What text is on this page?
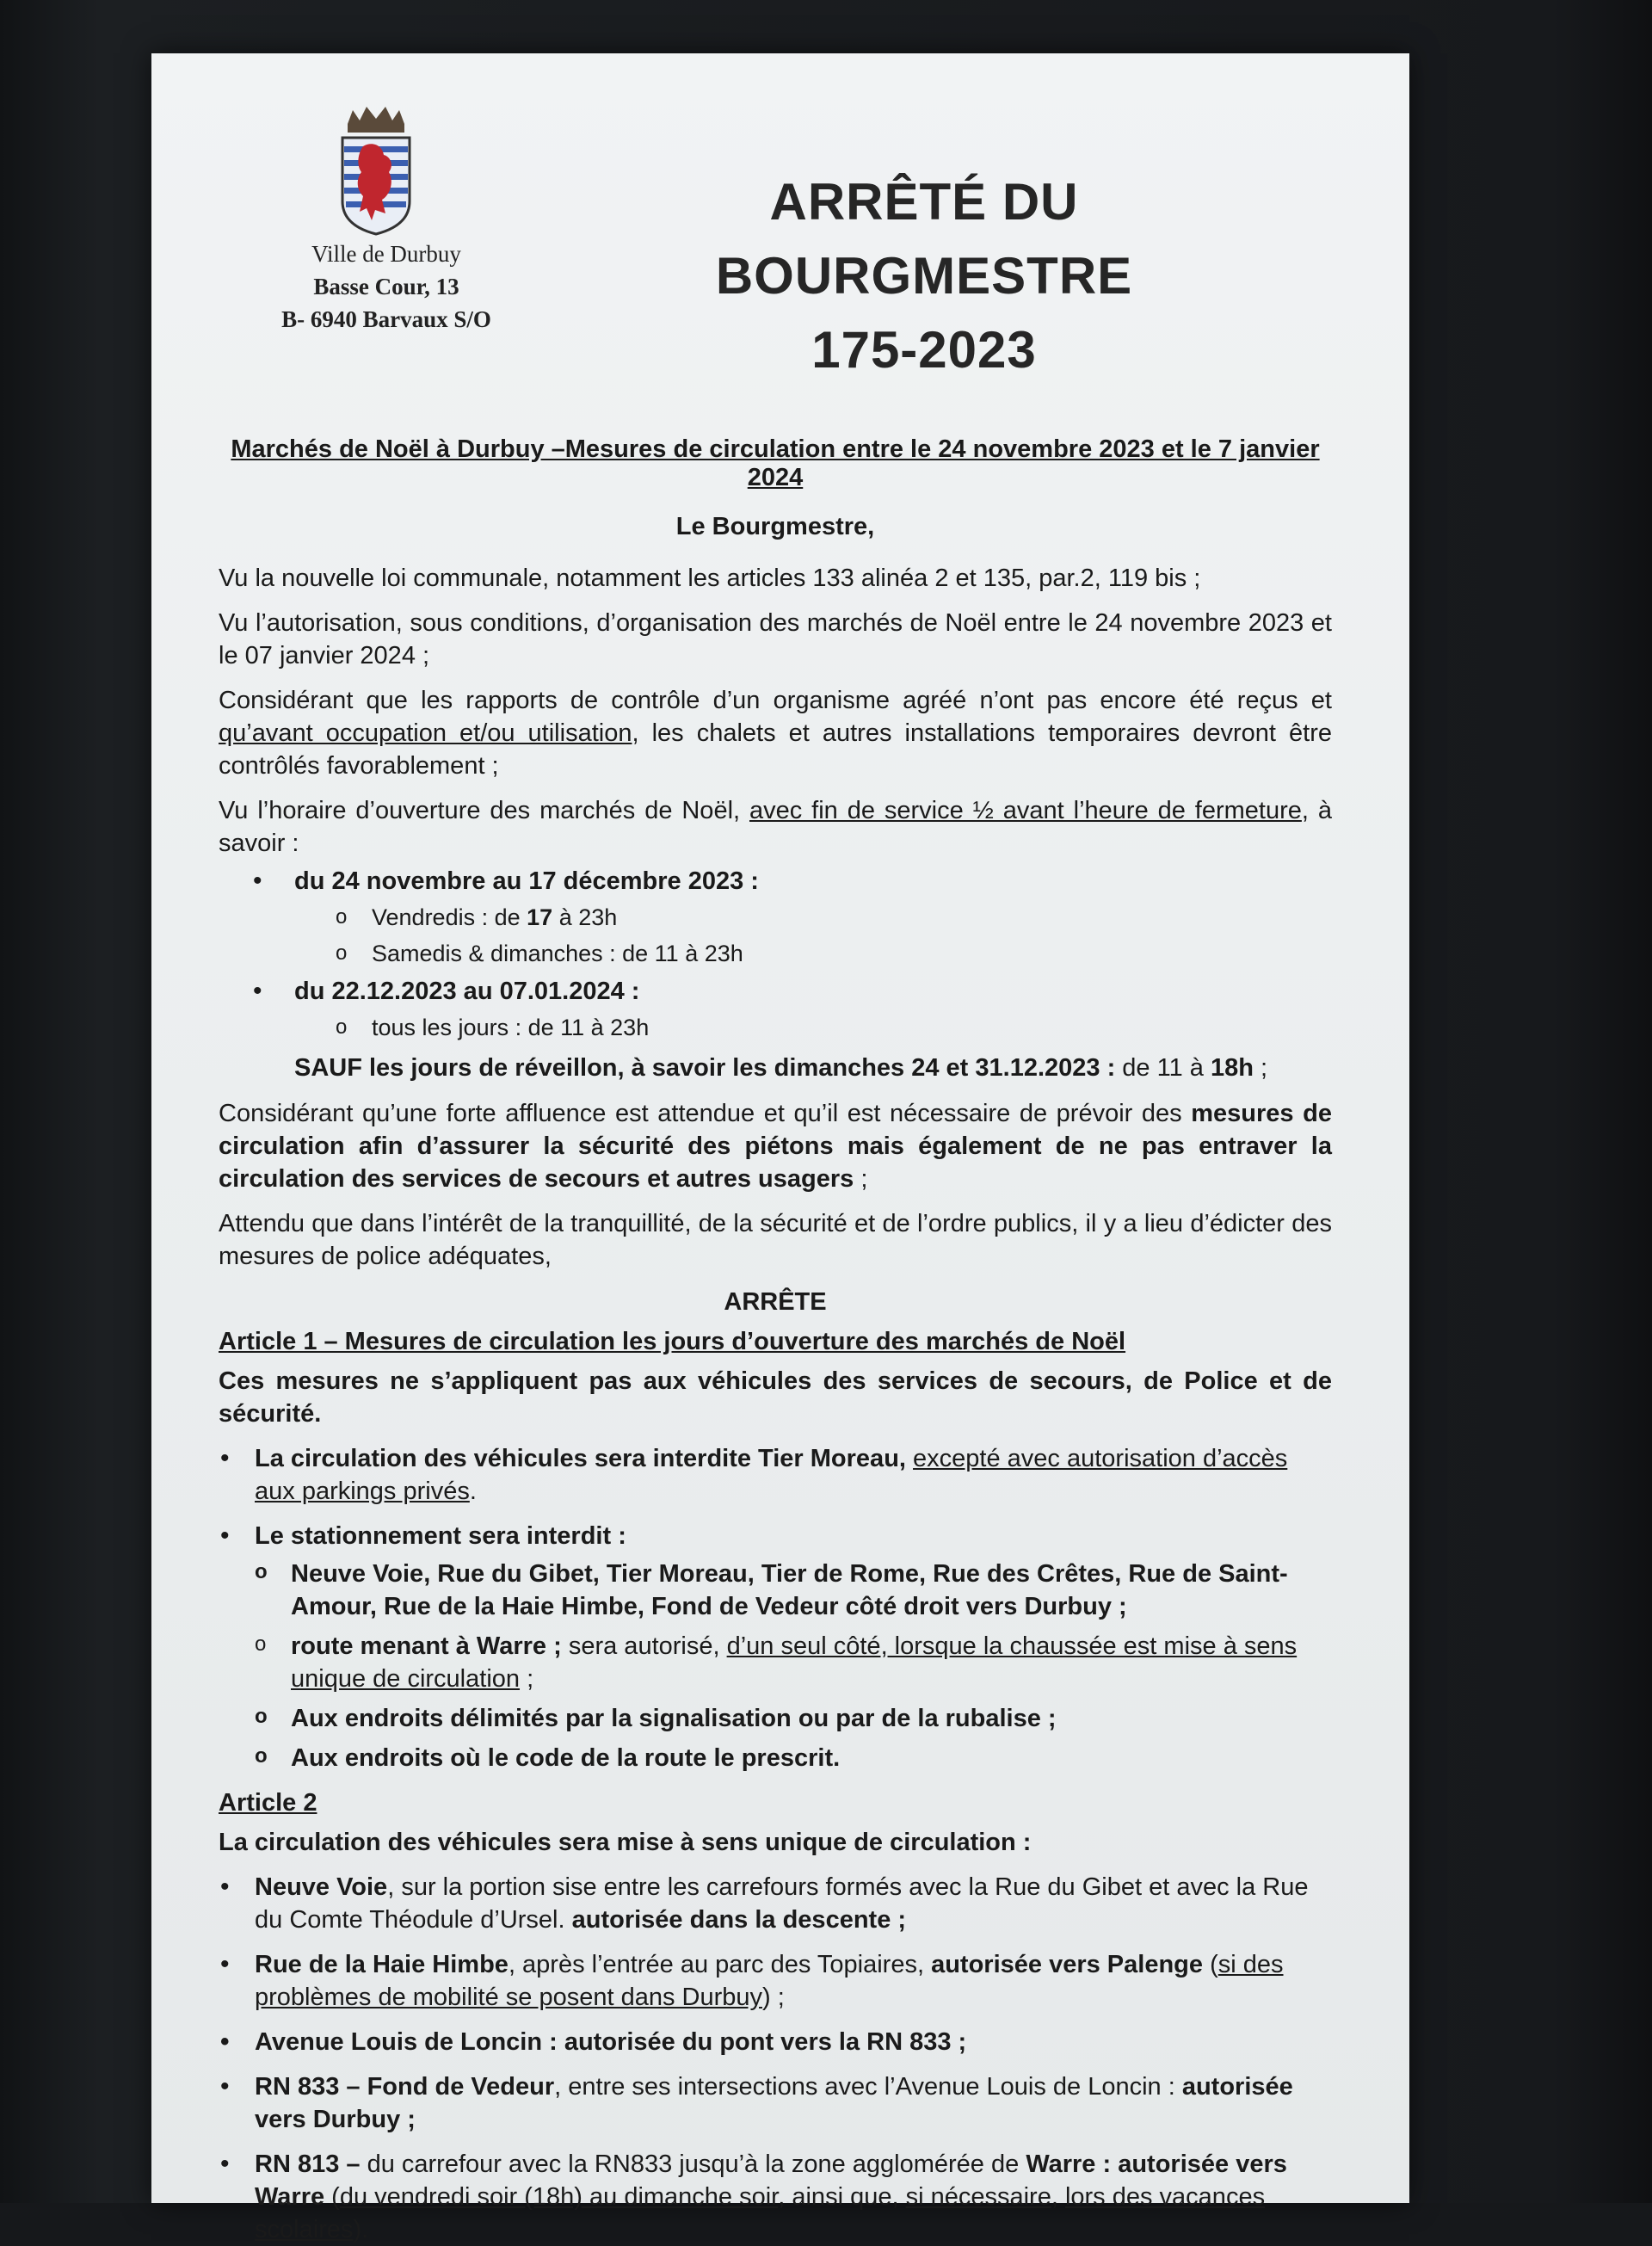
Ville de Durbuy
Basse Cour, 13
B- 6940 Barvaux S/O
ARRÊTÉ DU BOURGMESTRE
175-2023
Marchés de Noël à Durbuy –Mesures de circulation entre le 24 novembre 2023 et le 7 janvier 2024
Le Bourgmestre,

Vu la nouvelle loi communale, notamment les articles 133 alinéa 2 et 135, par.2, 119 bis ;

Vu l’autorisation, sous conditions, d’organisation des marchés de Noël entre le 24 novembre 2023 et le 07 janvier 2024 ;

Considérant que les rapports de contrôle d’un organisme agréé n’ont pas encore été reçus et qu’avant occupation et/ou utilisation, les chalets et autres installations temporaires devront être contrôlés favorablement ;

Vu l’horaire d’ouverture des marchés de Noël, avec fin de service ½ avant l’heure de fermeture, à savoir :

• du 24 novembre au 17 décembre 2023 :
o Vendredis : de 17 à 23h
o Samedis & dimanches : de 11 à 23h
• du 22.12.2023 au 07.01.2024 :
o tous les jours : de 11 à 23h
SAUF les jours de réveillon, à savoir les dimanches 24 et 31.12.2023 : de 11 à 18h ;

Considérant qu’une forte affluence est attendue et qu’il est nécessaire de prévoir des mesures de circulation afin d’assurer la sécurité des piétons mais également de ne pas entraver la circulation des services de secours et autres usagers ;

Attendu que dans l’intérêt de la tranquillité, de la sécurité et de l’ordre publics, il y a lieu d’édicter des mesures de police adéquates,

ARRÊTE
Article 1 – Mesures de circulation les jours d’ouverture des marchés de Noël

Ces mesures ne s’appliquent pas aux véhicules des services de secours, de Police et de sécurité.

• La circulation des véhicules sera interdite Tier Moreau, excepté avec autorisation d’accès aux parkings privés.
• Le stationnement sera interdit :
o Neuve Voie, Rue du Gibet, Tier Moreau, Tier de Rome, Rue des Crêtes, Rue de Saint-Amour, Rue de la Haie Himbe, Fond de Vedeur côté droit vers Durbuy ;
o route menant à Warre ; sera autorisé, d’un seul côté, lorsque la chaussée est mise à sens unique de circulation ;
o Aux endroits délimités par la signalisation ou par de la rubalise ;
o Aux endroits où le code de la route le prescrit.
Article 2

La circulation des véhicules sera mise à sens unique de circulation :

• Neuve Voie, sur la portion sise entre les carrefours formés avec la Rue du Gibet et avec la Rue du Comte Théodule d’Ursel. autorisée dans la descente ;
• Rue de la Haie Himbe, après l’entrée au parc des Topiaires, autorisée vers Palenge (si des problèmes de mobilité se posent dans Durbuy) ;
• Avenue Louis de Loncin : autorisée du pont vers la RN 833 ;
• RN 833 – Fond de Vedeur, entre ses intersections avec l’Avenue Louis de Loncin : autorisée vers Durbuy ;
• RN 813 – du carrefour avec la RN833 jusqu’à la zone agglomérée de Warre : autorisée vers Warre (du vendredi soir (18h) au dimanche soir, ainsi que, si nécessaire, lors des vacances scolaires).
